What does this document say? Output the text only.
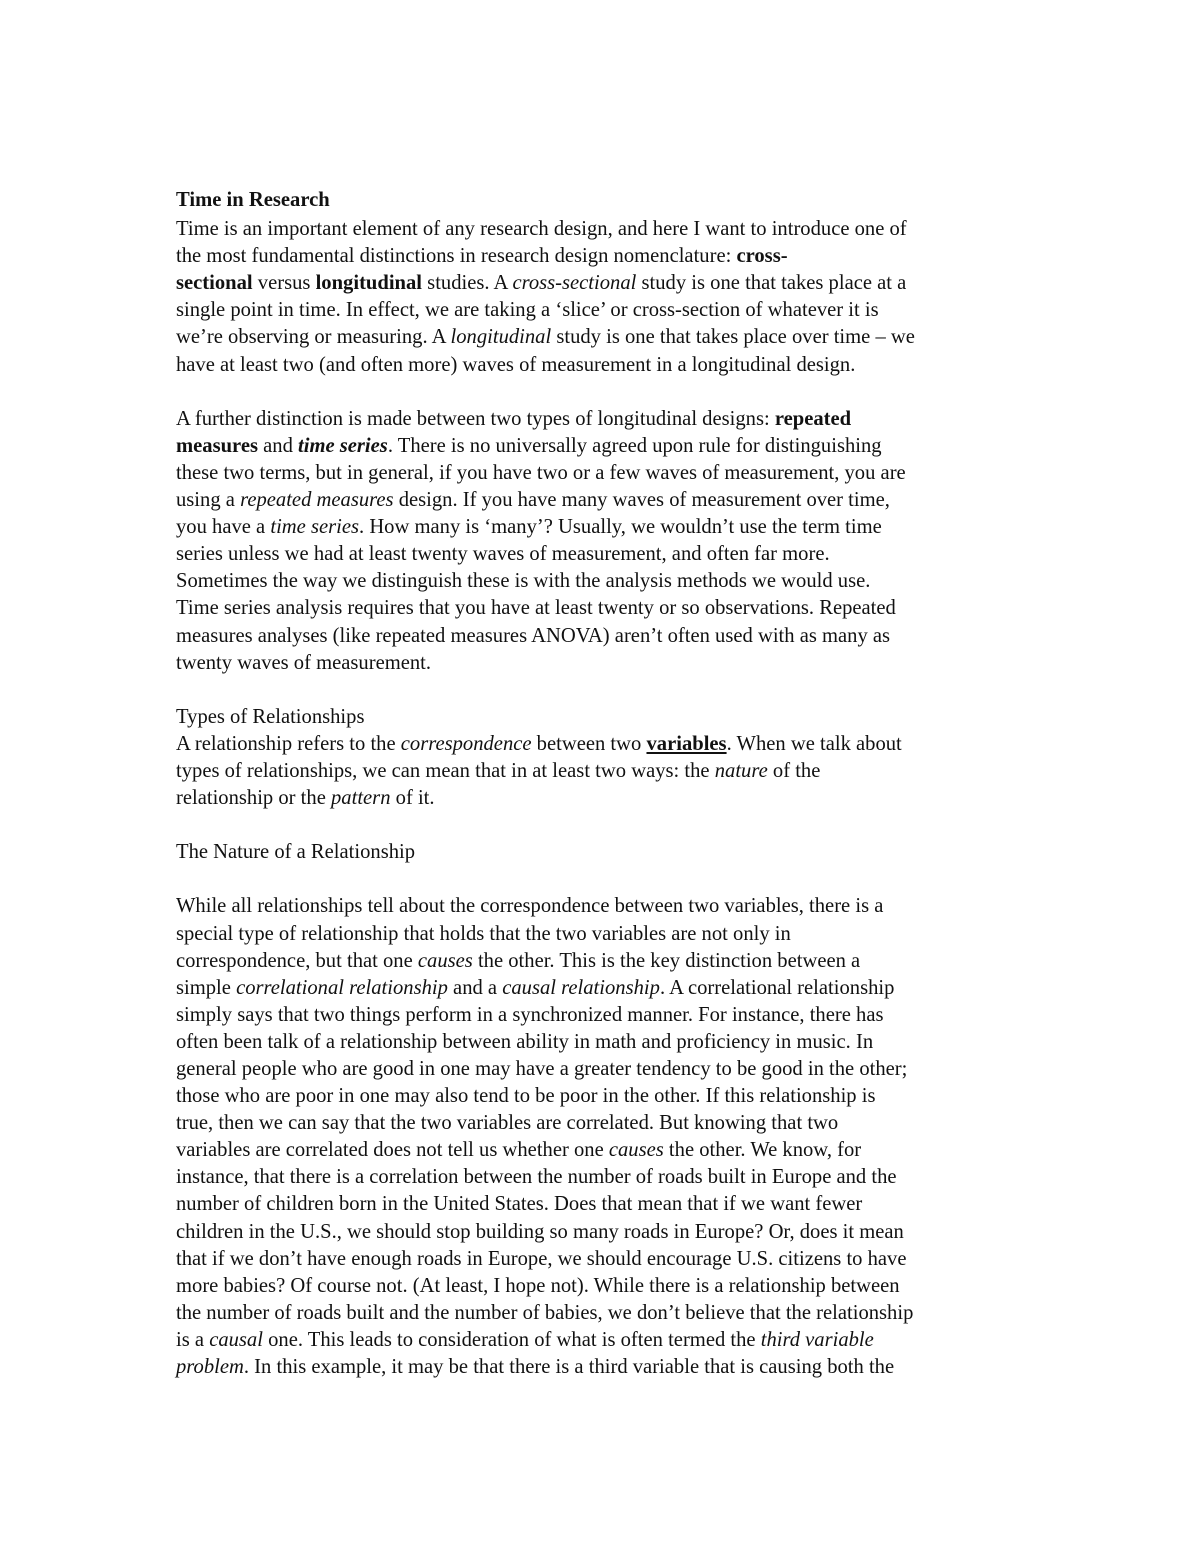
Time in Research
Time is an important element of any research design, and here I want to introduce one of
the most fundamental distinctions in research design nomenclature: cross-
sectional versus longitudinal studies. A cross-sectional study is one that takes place at a
single point in time. In effect, we are taking a ‘slice’ or cross-section of whatever it is
we’re observing or measuring. A longitudinal study is one that takes place over time – we
have at least two (and often more) waves of measurement in a longitudinal design.
A further distinction is made between two types of longitudinal designs: repeated
measures and time series. There is no universally agreed upon rule for distinguishing
these two terms, but in general, if you have two or a few waves of measurement, you are
using a repeated measures design. If you have many waves of measurement over time,
you have a time series. How many is ‘many’? Usually, we wouldn’t use the term time
series unless we had at least twenty waves of measurement, and often far more.
Sometimes the way we distinguish these is with the analysis methods we would use.
Time series analysis requires that you have at least twenty or so observations. Repeated
measures analyses (like repeated measures ANOVA) aren’t often used with as many as
twenty waves of measurement.
Types of Relationships
A relationship refers to the correspondence between two variables. When we talk about
types of relationships, we can mean that in at least two ways: the nature of the
relationship or the pattern of it.
The Nature of a Relationship
While all relationships tell about the correspondence between two variables, there is a
special type of relationship that holds that the two variables are not only in
correspondence, but that one causes the other. This is the key distinction between a
simple correlational relationship and a causal relationship. A correlational relationship
simply says that two things perform in a synchronized manner. For instance, there has
often been talk of a relationship between ability in math and proficiency in music. In
general people who are good in one may have a greater tendency to be good in the other;
those who are poor in one may also tend to be poor in the other. If this relationship is
true, then we can say that the two variables are correlated. But knowing that two
variables are correlated does not tell us whether one causes the other. We know, for
instance, that there is a correlation between the number of roads built in Europe and the
number of children born in the United States. Does that mean that if we want fewer
children in the U.S., we should stop building so many roads in Europe? Or, does it mean
that if we don’t have enough roads in Europe, we should encourage U.S. citizens to have
more babies? Of course not. (At least, I hope not). While there is a relationship between
the number of roads built and the number of babies, we don’t believe that the relationship
is a causal one. This leads to consideration of what is often termed the third variable
problem. In this example, it may be that there is a third variable that is causing both the
